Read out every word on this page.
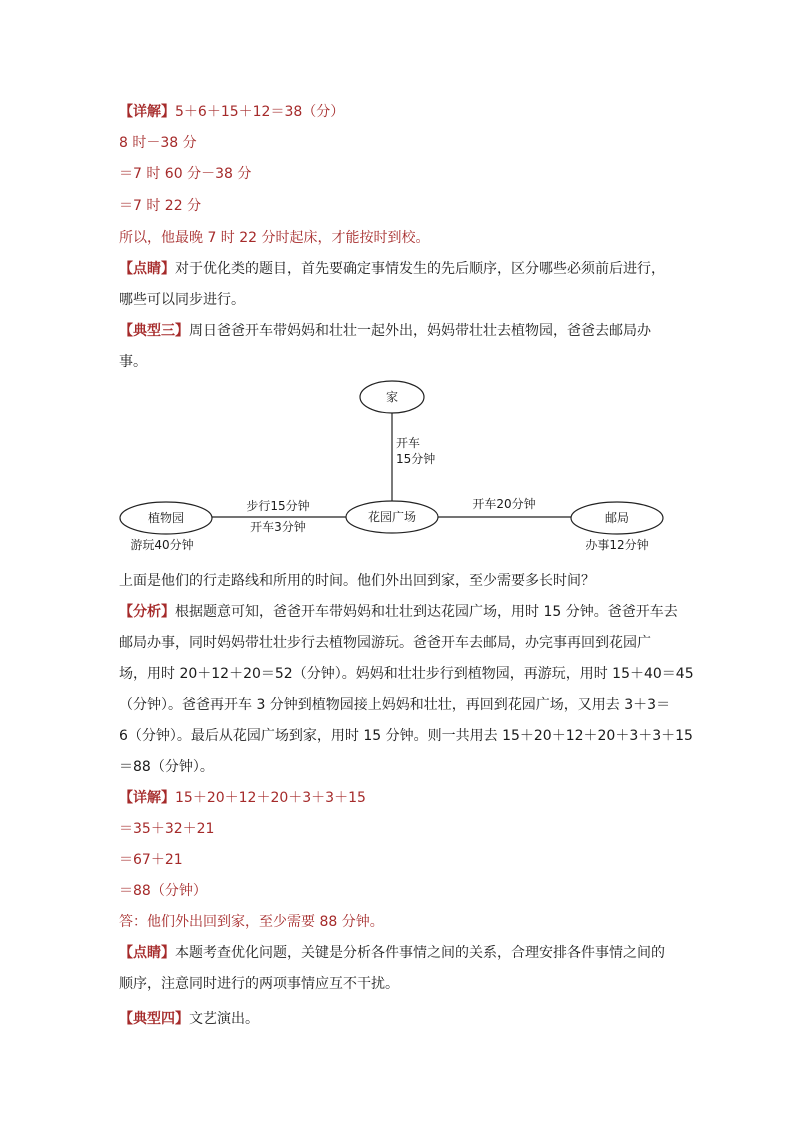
【详解】5＋6＋15＋12＝38（分）
8 时－38 分
＝7 时 60 分－38 分
＝7 时 22 分
所以，他最晚 7 时 22 分时起床，才能按时到校。
【点睛】对于优化类的题目，首先要确定事情发生的先后顺序，区分哪些必须前后进行，
哪些可以同步进行。
【典型三】周日爸爸开车带妈妈和壮壮一起外出，妈妈带壮壮去植物园，爸爸去邮局办
事。
家
花园广场
植物园	邮局
开车
15分钟
步行15分钟
开车3分钟
开车20分钟
游玩40分钟	办事12分钟
上面是他们的行走路线和所用的时间。他们外出回到家，至少需要多长时间？
【分析】根据题意可知，爸爸开车带妈妈和壮壮到达花园广场，用时 15 分钟。爸爸开车去
邮局办事，同时妈妈带壮壮步行去植物园游玩。爸爸开车去邮局，办完事再回到花园广
场，用时 20＋12＋20＝52（分钟）。妈妈和壮壮步行到植物园，再游玩，用时 15＋40＝45
（分钟）。爸爸再开车 3 分钟到植物园接上妈妈和壮壮，再回到花园广场，又用去 3＋3＝
6（分钟）。最后从花园广场到家，用时 15 分钟。则一共用去 15＋20＋12＋20＋3＋3＋15
＝88（分钟）。
【详解】15＋20＋12＋20＋3＋3＋15
＝35＋32＋21
＝67＋21
＝88（分钟）
答：他们外出回到家，至少需要 88 分钟。
【点睛】本题考查优化问题，关键是分析各件事情之间的关系，合理安排各件事情之间的
顺序，注意同时进行的两项事情应互不干扰。
【典型四】文艺演出。
